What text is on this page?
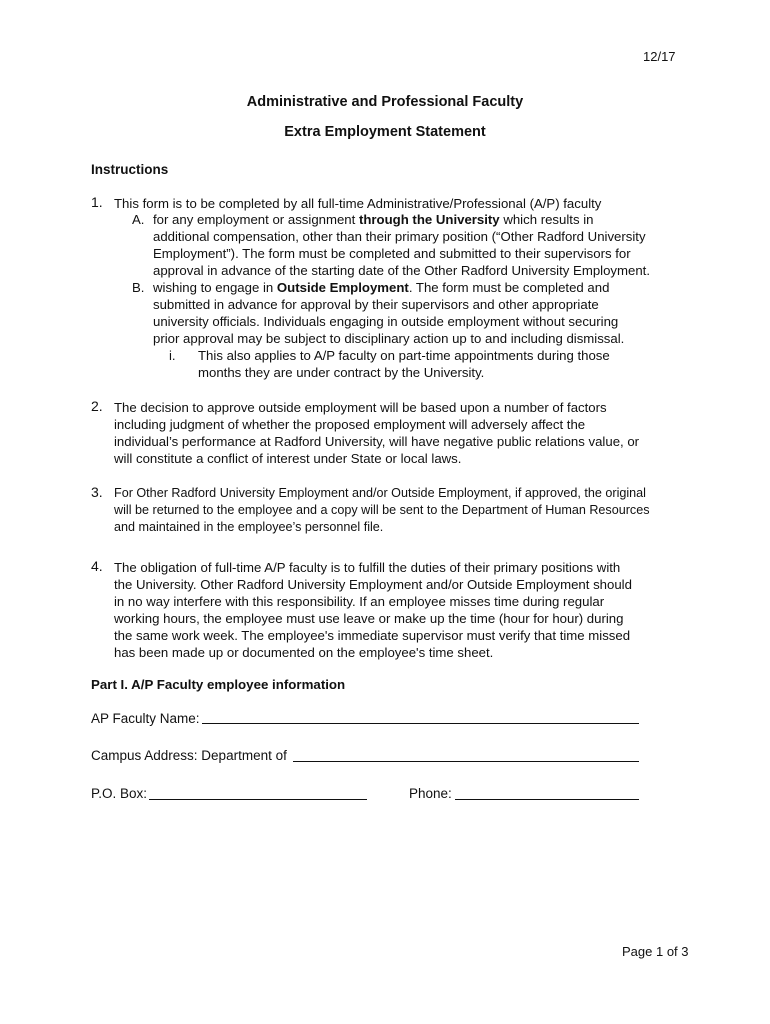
12/17
Administrative and Professional Faculty
Extra Employment Statement
Instructions
1. This form is to be completed by all full-time Administrative/Professional (A/P) faculty
A. for any employment or assignment through the University which results in
additional compensation, other than their primary position (“Other Radford University
Employment”). The form must be completed and submitted to their supervisors for
approval in advance of the starting date of the Other Radford University Employment.
B. wishing to engage in Outside Employment. The form must be completed and
submitted in advance for approval by their supervisors and other appropriate
university officials. Individuals engaging in outside employment without securing
prior approval may be subject to disciplinary action up to and including dismissal.
i. This also applies to A/P faculty on part-time appointments during those
months they are under contract by the University.
2. The decision to approve outside employment will be based upon a number of factors
including judgment of whether the proposed employment will adversely affect the
individual’s performance at Radford University, will have negative public relations value, or
will constitute a conflict of interest under State or local laws.
3. For Other Radford University Employment and/or Outside Employment, if approved, the original
will be returned to the employee and a copy will be sent to the Department of Human Resources
and maintained in the employee’s personnel file.
4. The obligation of full-time A/P faculty is to fulfill the duties of their primary positions with
the University. Other Radford University Employment and/or Outside Employment should
in no way interfere with this responsibility. If an employee misses time during regular
working hours, the employee must use leave or make up the time (hour for hour) during
the same work week. The employee's immediate supervisor must verify that time missed
has been made up or documented on the employee's time sheet.
Part I. A/P Faculty employee information
AP Faculty Name:
Campus Address: Department of
P.O. Box:	Phone:
Page 1 of 3
